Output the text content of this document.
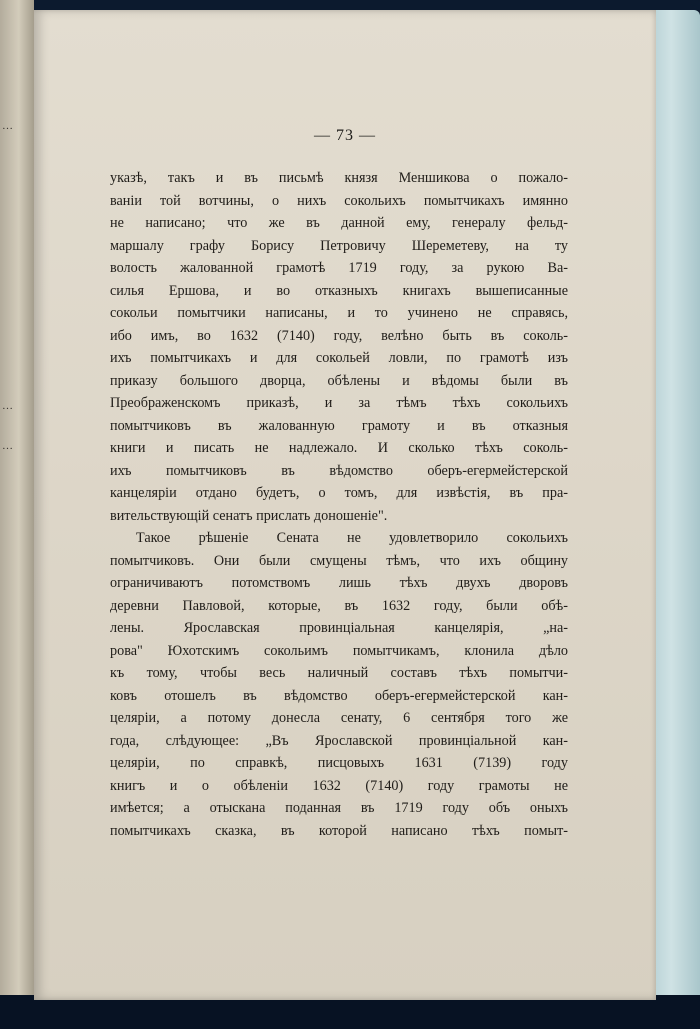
…
…
…
— 73 —
указѣ, такъ и въ письмѣ князя Меншикова о пожало-
ваніи той вотчины, о нихъ сокольихъ помытчикахъ имянно
не написано; что же въ данной ему, генералу фельд-
маршалу графу Борису Петровичу Шереметеву, на ту
волость жалованной грамотѣ 1719 году, за рукою Ва-
силья Ершова, и во отказныхъ книгахъ вышеписанные
сокольи помытчики написаны, и то учинено не справясь,
ибо имъ, во 1632 (7140) году, велѣно быть въ соколь-
ихъ помытчикахъ и для сокольей ловли, по грамотѣ изъ
приказу большого дворца, обѣлены и вѣдомы были въ
Преображенскомъ приказѣ, и за тѣмъ тѣхъ сокольихъ
помытчиковъ въ жалованную грамоту и въ отказныя
книги и писать не надлежало. И сколько тѣхъ соколь-
ихъ помытчиковъ въ вѣдомство оберъ-егермейстерской
канцеляріи отдано будетъ, о томъ, для извѣстія, въ пра-
вительствующій сенатъ прислать доношеніе".
Такое рѣшеніе Сената не удовлетворило сокольихъ
помытчиковъ. Они были смущены тѣмъ, что ихъ общину
ограничиваютъ потомствомъ лишь тѣхъ двухъ дворовъ
деревни Павловой, которые, въ 1632 году, были обѣ-
лены. Ярославская провинціальная канцелярія, „на-
рова" Юхотскимъ сокольимъ помытчикамъ, клонила дѣло
къ тому, чтобы весь наличный составъ тѣхъ помытчи-
ковъ отошелъ въ вѣдомство оберъ-егермейстерской кан-
целяріи, а потому донесла сенату, 6 сентября того же
года, слѣдующее: „Въ Ярославской провинціальной кан-
целяріи, по справкѣ, писцовыхъ 1631 (7139) году
книгъ и о обѣленіи 1632 (7140) году грамоты не
имѣется; а отыскана поданная въ 1719 году объ оныхъ
помытчикахъ сказка, въ которой написано тѣхъ помыт-
